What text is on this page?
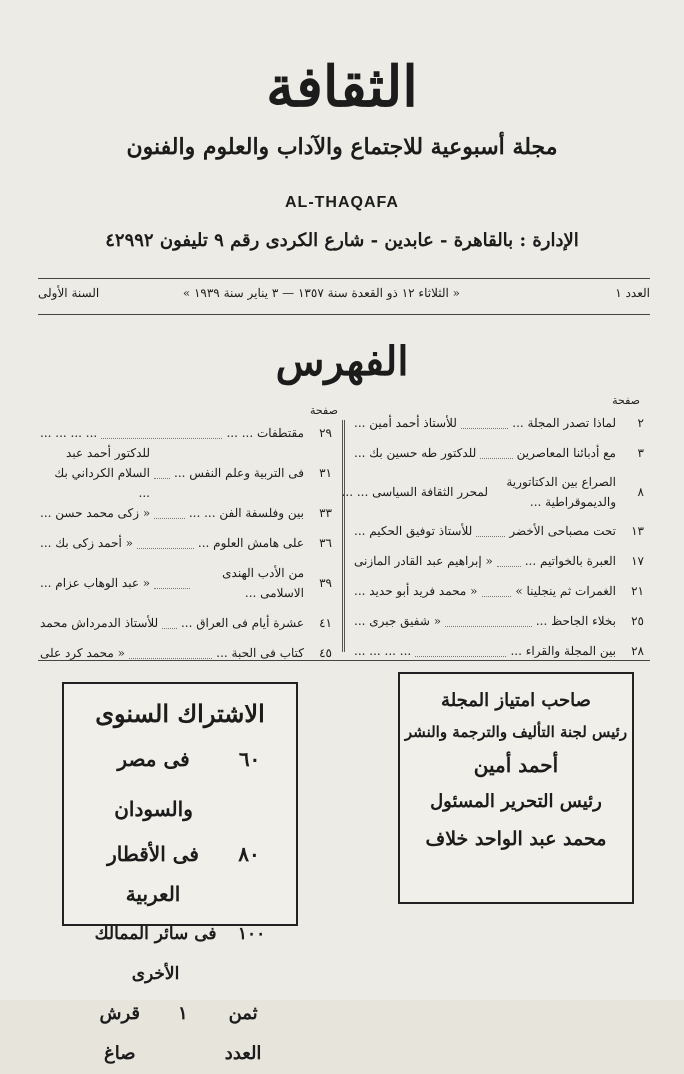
الثقافة
مجلة أسبوعية للاجتماع والآداب والعلوم والفنون
AL-THAQAFA
الإدارة : بالقاهرة - عابدين - شارع الكردى رقم ٩ تليفون ٤٢٩٩٢
العدد ١
« الثلاثاء ١٢ ذو القعدة سنة ١٣٥٧ — ٣ يناير سنة ١٩٣٩ »
السنة الأولى
الفهرس
صفحة
صفحة
٢
لماذا تصدر المجلة ...
للأستاذ أحمد أمين ...
٣
مع أدبائنا المعاصرين
للدكتور طه حسين بك ...
٨
الصراع بين الدكتاتورية والديموقراطية ...
لمحرر الثقافة السياسى ... ...
١٣
تحت مصباحى الأخضر
للأستاذ توفيق الحكيم ...
١٧
العبرة بالخواتيم ...
« إبراهيم عبد القادر المازنى
٢١
الغمرات ثم ينجلينا »
« محمد فريد أبو حديد ...
٢٥
بخلاء الجاحظ ...
« شفيق جبرى ...
٢٨
بين المجلة والقراء ...
... ... ... ...
٢٩
مقتطفات ... ...
... ... ... ...
٣١
فى التربية وعلم النفس ...
للدكتور أحمد عبد السلام الكرداني بك ...
٣٣
بين وفلسفة الفن ... ...
« زكى محمد حسن ...
٣٦
على هامش العلوم ...
« أحمد زكى بك ...
٣٩
من الأدب الهندى الاسلامى ...
« عبد الوهاب عزام ...
٤١
عشرة أيام فى العراق ...
للأستاذ الدمرداش محمد
٤٥
كتاب فى الحبة ...
« محمد كرد على
صاحب امتياز المجلة
رئيس لجنة التأليف والترجمة والنشر
أحمد أمين
رئيس التحرير المسئول
محمد عبد الواحد خلاف
الاشتراك السنوى
٦٠
فى مصر والسودان
٨٠
فى الأقطار العربية
١٠٠
فى سائر الممالك الأخرى
ثمن العدد
١
قرش صاغ
